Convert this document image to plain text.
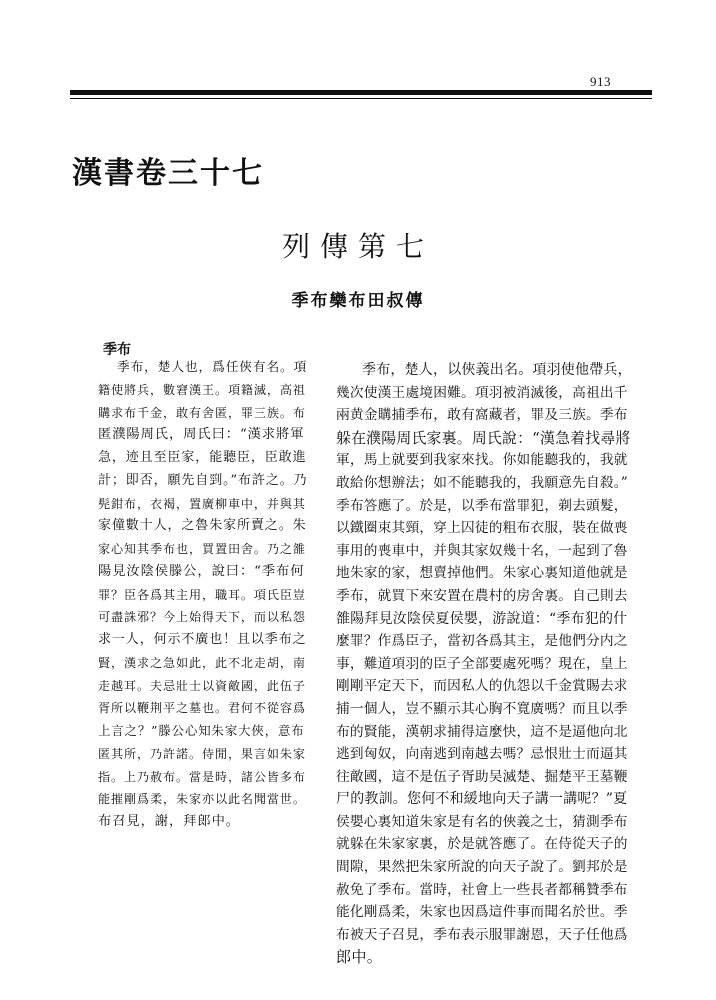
913
漢書卷三十七
列傳第七
季布欒布田叔傳
季布
季布，楚人也，爲任俠有名。項
籍使將兵，數窘漢王。項籍滅，高祖
購求布千金，敢有舍匿，罪三族。布
匿濮陽周氏，周氏曰：“漢求將軍
急，迹且至臣家，能聽臣，臣敢進
計；即否，願先自剄。”布許之。乃
髡鉗布，衣褐，置廣柳車中，并與其
家僮數十人，之魯朱家所賣之。朱
家心知其季布也，買置田舍。乃之雒
陽見汝陰侯滕公，說曰：“季布何
罪？臣各爲其主用，職耳。項氏臣豈
可盡誅邪？今上始得天下，而以私怨
求一人，何示不廣也！且以季布之
賢，漢求之急如此，此不北走胡，南
走越耳。夫忌壯士以資敵國，此伍子
胥所以鞭荆平之墓也。君何不從容爲
上言之？”滕公心知朱家大俠，意布
匿其所，乃許諾。侍閒，果言如朱家
指。上乃赦布。當是時，諸公皆多布
能摧剛爲柔，朱家亦以此名聞當世。
布召見，謝，拜郎中。
季布，楚人，以俠義出名。項羽使他帶兵，
幾次使漢王處境困難。項羽被消滅後，高祖出千
兩黄金購捕季布，敢有窩藏者，罪及三族。季布
躲在濮陽周氏家裏。周氏說：“漢急着找尋將
軍，馬上就要到我家來找。你如能聽我的，我就
敢給你想辦法；如不能聽我的，我願意先自殺。”
季布答應了。於是，以季布當罪犯，剃去頭髮，
以鐵圈束其頸，穿上囚徒的粗布衣服，裝在做喪
事用的喪車中，并與其家奴幾十名，一起到了魯
地朱家的家，想賣掉他們。朱家心裏知道他就是
季布，就買下來安置在農村的房舍裏。自己則去
雒陽拜見汝陰侯夏侯嬰，游說道：“季布犯的什
麼罪？作爲臣子，當初各爲其主，是他們分内之
事，難道項羽的臣子全部要處死嗎？現在，皇上
剛剛平定天下，而因私人的仇怨以千金賞賜去求
捕一個人，豈不顯示其心胸不寬廣嗎？而且以季
布的賢能，漢朝求捕得這麼快，這不是逼他向北
逃到匈奴，向南逃到南越去嗎？忌恨壯士而逼其
往敵國，這不是伍子胥助吴滅楚、掘楚平王墓鞭
尸的教訓。您何不和緩地向天子講一講呢？”夏
侯嬰心裏知道朱家是有名的俠義之士，猜測季布
就躲在朱家家裏，於是就答應了。在侍從天子的
間隙，果然把朱家所說的向天子說了。劉邦於是
赦免了季布。當時，社會上一些長者都稱贊季布
能化剛爲柔，朱家也因爲這件事而聞名於世。季
布被天子召見，季布表示服罪謝恩，天子任他爲
郎中。
